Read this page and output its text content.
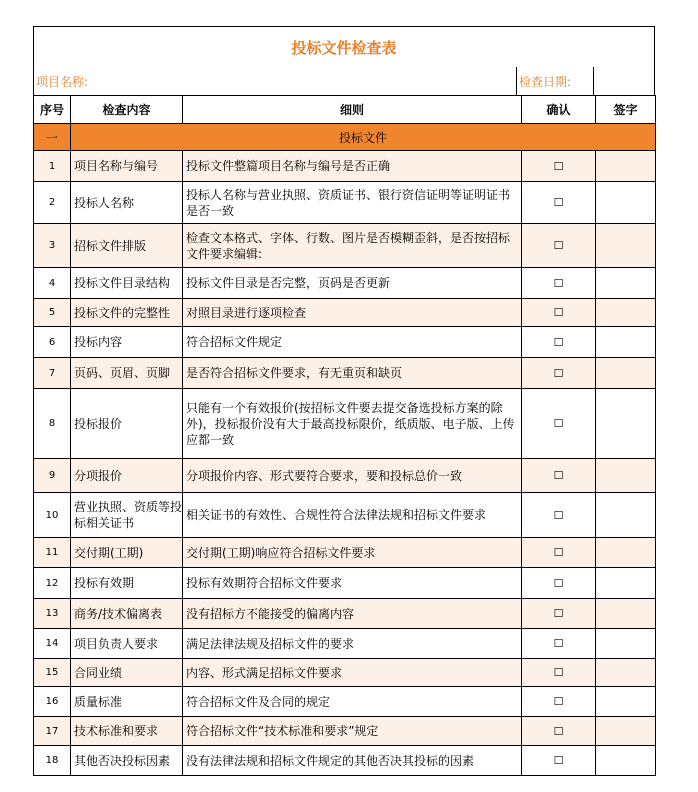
投标文件检查表
项目名称:	检查日期:
序号	检查内容	细则	确认	签字
一	投标文件			
1	项目名称与编号	投标文件整篇项目名称与编号是否正确	☐	
2	投标人名称	投标人名称与营业执照、资质证书、银行资信证明等证明证书是否一致	☐	
3	招标文件排版	检查文本格式、字体、行数、图片是否模糊歪斜，是否按招标文件要求编辑:	☐	
4	投标文件目录结构	投标文件目录是否完整，页码是否更新	☐	
5	投标文件的完整性	对照目录进行逐项检查	☐	
6	投标内容	符合招标文件规定	☐	
7	页码、页眉、页脚	是否符合招标文件要求，有无重页和缺页	☐	
8	投标报价	只能有一个有效报价(按招标文件要去提交备选投标方案的除外)，投标报价没有大于最高投标限价，纸质版、电子版、上传应都一致	☐	
9	分项报价	分项报价内容、形式要符合要求，要和投标总价一致	☐	
10	营业执照、资质等投标相关证书	相关证书的有效性、合规性符合法律法规和招标文件要求	☐	
11	交付期(工期)	交付期(工期)响应符合招标文件要求	☐	
12	投标有效期	投标有效期符合招标文件要求	☐	
13	商务/技术偏离表	没有招标方不能接受的偏离内容	☐	
14	项目负责人要求	满足法律法规及招标文件的要求	☐	
15	合同业绩	内容、形式满足招标文件要求	☐	
16	质量标准	符合招标文件及合同的规定	☐	
17	技术标准和要求	符合招标文件“技术标准和要求”规定	☐	
18	其他否决投标因素	没有法律法规和招标文件规定的其他否决其投标的因素	☐	
